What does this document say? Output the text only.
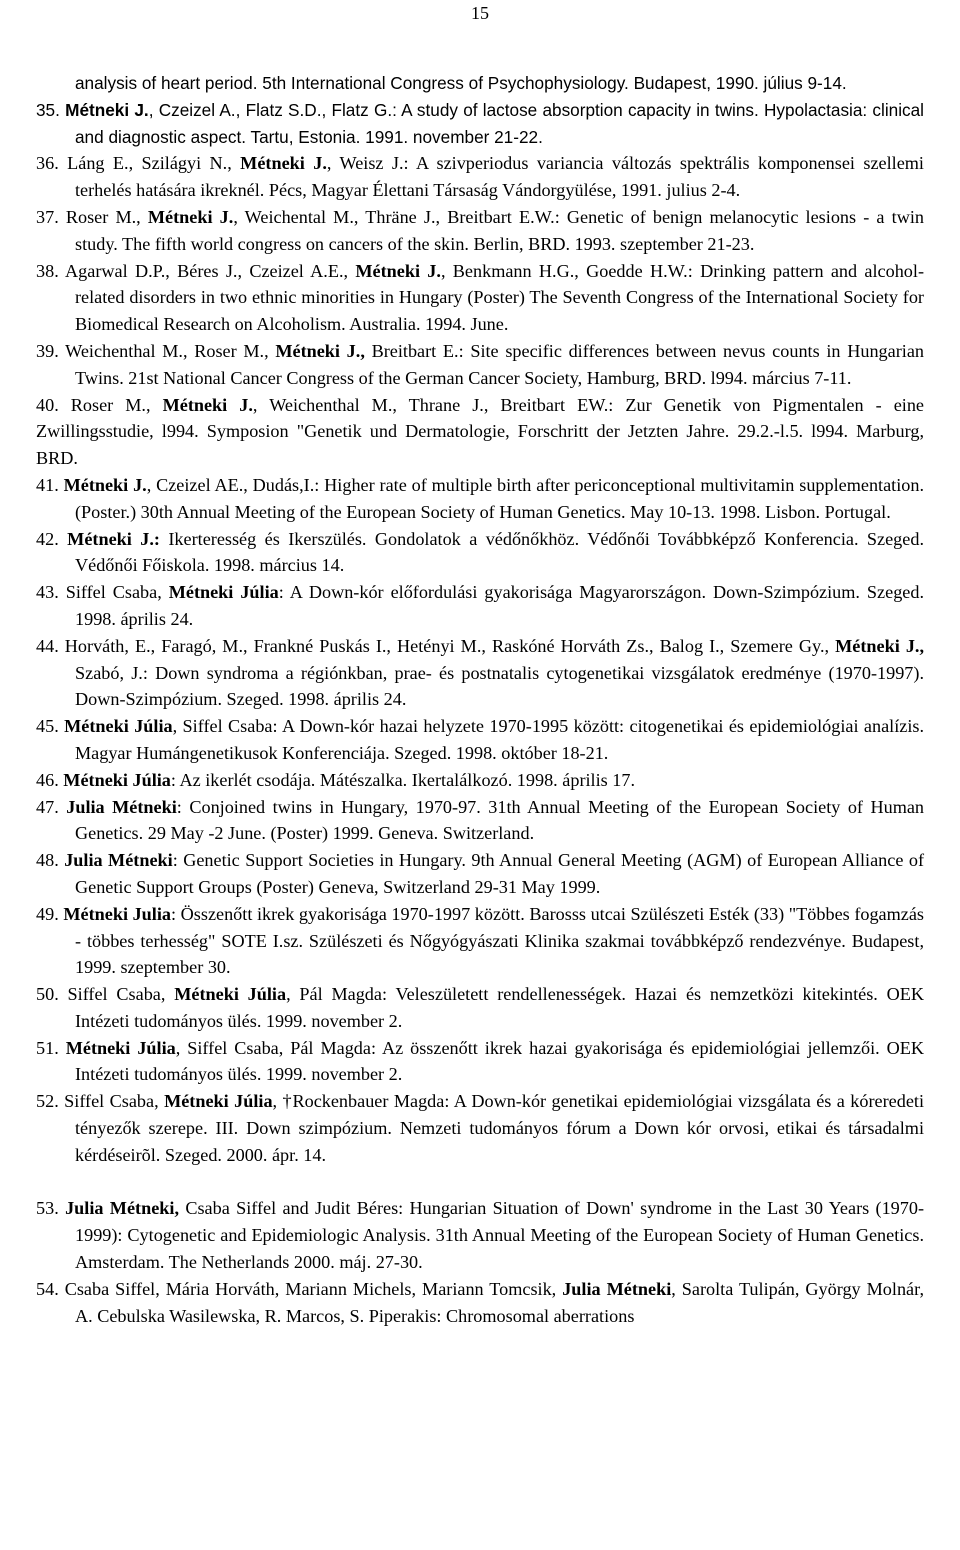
15
analysis of heart period. 5th International Congress of Psychophysiology. Budapest, 1990. július 9-14.
35. Métneki J., Czeizel A., Flatz S.D., Flatz G.: A study of lactose absorption capacity in twins. Hypolactasia: clinical and diagnostic aspect. Tartu, Estonia. 1991. november 21-22.
36. Láng E., Szilágyi N., Métneki J., Weisz J.: A szivperiodus variancia változás spektrális komponensei szellemi terhelés hatására ikreknél. Pécs, Magyar Élettani Társaság Vándorgyülése, 1991. julius 2-4.
37. Roser M., Métneki J., Weichental M., Thräne J., Breitbart E.W.: Genetic of benign melanocytic lesions - a twin study. The fifth world congress on cancers of the skin. Berlin, BRD. 1993. szeptember 21-23.
38. Agarwal D.P., Béres J., Czeizel A.E., Métneki J., Benkmann H.G., Goedde H.W.: Drinking pattern and alcohol-related disorders in two ethnic minorities in Hungary (Poster) The Seventh Congress of the International Society for Biomedical Research on Alcoholism. Australia. 1994. June.
39. Weichenthal M., Roser M., Métneki J., Breitbart E.: Site specific differences between nevus counts in Hungarian Twins. 21st National Cancer Congress of the German Cancer Society, Hamburg, BRD. l994. március 7-11.
40. Roser M., Métneki J., Weichenthal M., Thrane J., Breitbart EW.: Zur Genetik von Pigmentalen - eine Zwillingsstudie, l994. Symposion "Genetik und Dermatologie, Forschritt der Jetzten Jahre. 29.2.-l.5. l994. Marburg, BRD.
41. Métneki J., Czeizel AE., Dudás,I.: Higher rate of multiple birth after periconceptional multivitamin supplementation. (Poster.) 30th Annual Meeting of the European Society of Human Genetics. May 10-13. 1998. Lisbon. Portugal.
42. Métneki J.: Ikerteresség és Ikerszülés. Gondolatok a védőnőkhöz. Védőnői Továbbképző Konferencia. Szeged. Védőnői Főiskola. 1998. március 14.
43. Siffel Csaba, Métneki Júlia: A Down-kór előfordulási gyakorisága Magyarországon. Down-Szimpózium. Szeged. 1998. április 24.
44. Horváth, E., Faragó, M., Frankné Puskás I., Hetényi M., Raskóné Horváth Zs., Balog I., Szemere Gy., Métneki J., Szabó, J.: Down syndroma a régiónkban, prae- és postnatalis cytogenetikai vizsgálatok eredménye (1970-1997). Down-Szimpózium. Szeged. 1998. április 24.
45. Métneki Júlia, Siffel Csaba: A Down-kór hazai helyzete 1970-1995 között: citogenetikai és epidemiológiai analízis. Magyar Humángenetikusok Konferenciája. Szeged. 1998. október 18-21.
46. Métneki Júlia: Az ikerlét csodája. Mátészalka. Ikertalálkozó. 1998. április 17.
47. Julia Métneki: Conjoined twins in Hungary, 1970-97. 31th Annual Meeting of the European Society of Human Genetics. 29 May -2 June. (Poster) 1999. Geneva. Switzerland.
48. Julia Métneki: Genetic Support Societies in Hungary. 9th Annual General Meeting (AGM) of European Alliance of Genetic Support Groups (Poster) Geneva, Switzerland 29-31 May 1999.
49. Métneki Julia: Összenőtt ikrek gyakorisága 1970-1997 között. Barosss utcai Szülészeti Esték (33) "Többes fogamzás - többes terhesség" SOTE I.sz. Szülészeti és Nőgyógyászati Klinika szakmai továbbképző rendezvénye. Budapest, 1999. szeptember 30.
50. Siffel Csaba, Métneki Júlia, Pál Magda: Veleszületett rendellenességek. Hazai és nemzetközi kitekintés. OEK Intézeti tudományos ülés. 1999. november 2.
51. Métneki Júlia, Siffel Csaba, Pál Magda: Az összenőtt ikrek hazai gyakorisága és epidemiológiai jellemzői. OEK Intézeti tudományos ülés. 1999. november 2.
52. Siffel Csaba, Métneki Júlia, †Rockenbauer Magda: A Down-kór genetikai epidemiológiai vizsgálata és a kóreredeti tényezők szerepe. III. Down szimpózium. Nemzeti tudományos fórum a Down kór orvosi, etikai és társadalmi kérdéseirõl. Szeged. 2000. ápr. 14.
53. Julia Métneki, Csaba Siffel and Judit Béres: Hungarian Situation of Down' syndrome in the Last 30 Years (1970-1999): Cytogenetic and Epidemiologic Analysis. 31th Annual Meeting of the European Society of Human Genetics. Amsterdam. The Netherlands 2000. máj. 27-30.
54. Csaba Siffel, Mária Horváth, Mariann Michels, Mariann Tomcsik, Julia Métneki, Sarolta Tulipán, György Molnár, A. Cebulska Wasilewska, R. Marcos, S. Piperakis: Chromosomal aberrations
